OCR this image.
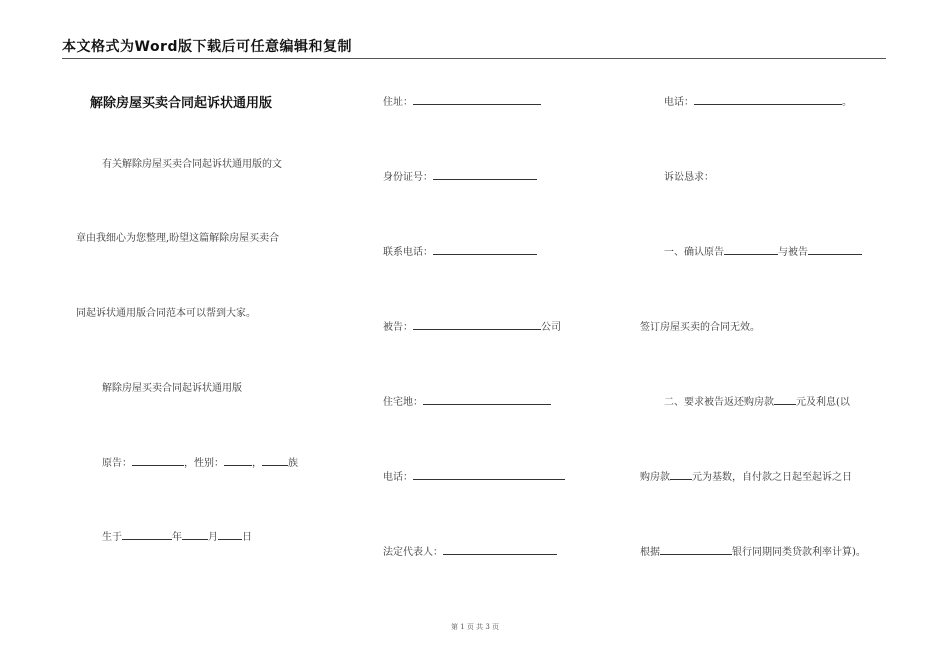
本文格式为Word版下载后可任意编辑和复制
解除房屋买卖合同起诉状通用版
有关解除房屋买卖合同起诉状通用版的文
章由我细心为您整理,盼望这篇解除房屋买卖合
同起诉状通用版合同范本可以帮到大家。
解除房屋买卖合同起诉状通用版
原告：	，性别：	，	族
生于	年	月 日
住址：
身份证号：
联系电话：
被告：	公司
住宅地：
电话：
法定代表人：
电话：	。
诉讼恳求：
一、确认原告	与被告
签订房屋买卖的合同无效。
二、要求被告返还购房款 元及利息(以
购房款 元为基数，自付款之日起至起诉之日
根据	银行同期同类贷款利率计算)。
第 1 页 共 3 页
